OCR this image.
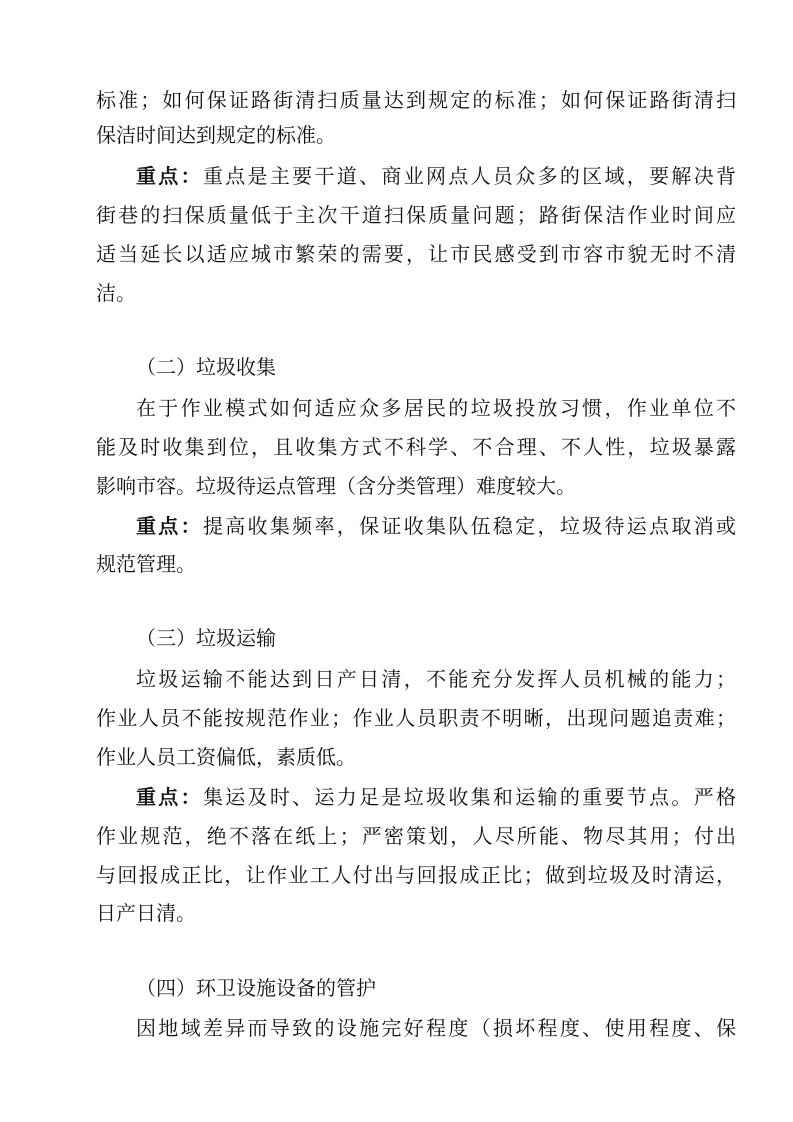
标准；如何保证路街清扫质量达到规定的标准；如何保证路街清扫
保洁时间达到规定的标准。
重点：重点是主要干道、商业网点人员众多的区域，要解决背
街巷的扫保质量低于主次干道扫保质量问题；路街保洁作业时间应
适当延长以适应城市繁荣的需要，让市民感受到市容市貌无时不清
洁。
（二）垃圾收集
在于作业模式如何适应众多居民的垃圾投放习惯，作业单位不
能及时收集到位，且收集方式不科学、不合理、不人性，垃圾暴露
影响市容。垃圾待运点管理（含分类管理）难度较大。
重点：提高收集频率，保证收集队伍稳定，垃圾待运点取消或
规范管理。
（三）垃圾运输
垃圾运输不能达到日产日清，不能充分发挥人员机械的能力；
作业人员不能按规范作业；作业人员职责不明晰，出现问题追责难；
作业人员工资偏低，素质低。
重点：集运及时、运力足是垃圾收集和运输的重要节点。严格
作业规范，绝不落在纸上；严密策划，人尽所能、物尽其用；付出
与回报成正比，让作业工人付出与回报成正比；做到垃圾及时清运，
日产日清。
（四）环卫设施设备的管护
因地域差异而导致的设施完好程度（损坏程度、使用程度、保
